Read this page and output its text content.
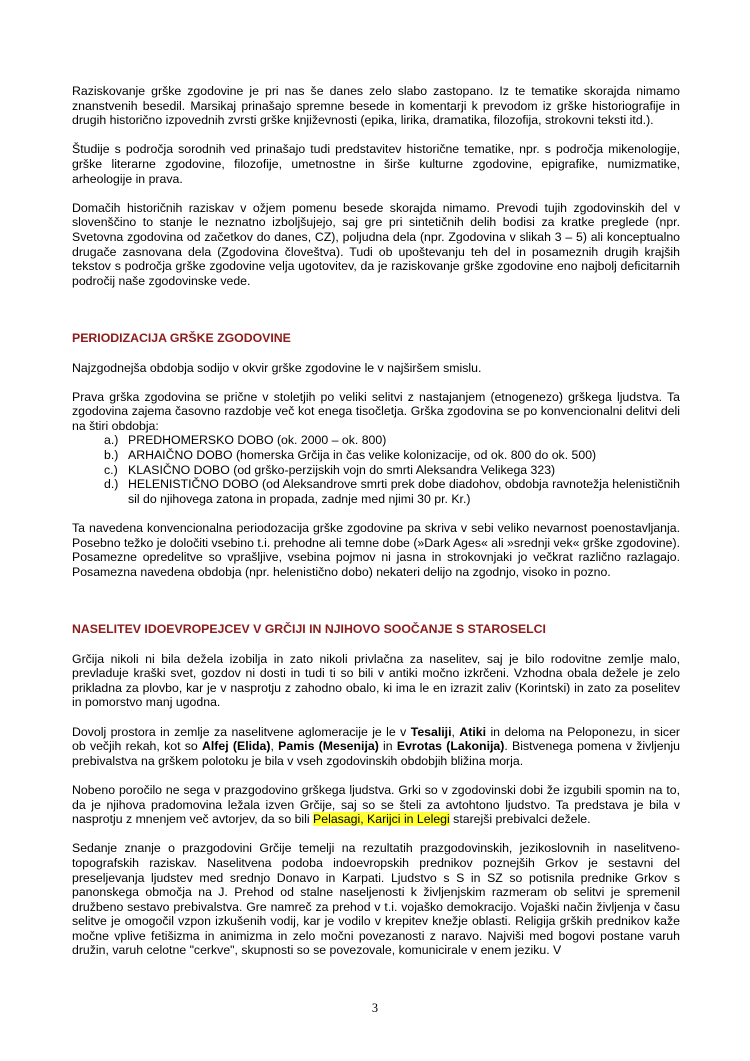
Raziskovanje grške zgodovine je pri nas še danes zelo slabo zastopano. Iz te tematike skorajda nimamo znanstvenih besedil. Marsikaj prinašajo spremne besede in komentarji k prevodom iz grške historiografije in drugih historično izpovednih zvrsti grške književnosti (epika, lirika, dramatika, filozofija, strokovni teksti itd.).

Študije s področja sorodnih ved prinašajo tudi predstavitev historične tematike, npr. s področja mikenologije, grške literarne zgodovine, filozofije, umetnostne in širše kulturne zgodovine, epigrafike, numizmatike, arheologije in prava.

Domačih historičnih raziskav v ožjem pomenu besede skorajda nimamo. Prevodi tujih zgodovinskih del v slovenščino to stanje le neznatno izboljšujejo, saj gre pri sintetičnih delih bodisi za kratke preglede (npr. Svetovna zgodovina od začetkov do danes, CZ), poljudna dela (npr. Zgodovina v slikah 3 – 5) ali konceptualno drugače zasnovana dela (Zgodovina človeštva). Tudi ob upoštevanju teh del in posameznih drugih krajših tekstov s področja grške zgodovine velja ugotovitev, da je raziskovanje grške zgodovine eno najbolj deficitarnih področij naše zgodovinske vede.

PERIODIZACIJA GRŠKE ZGODOVINE

Najzgodnejša obdobja sodijo v okvir grške zgodovine le v najširšem smislu.

Prava grška zgodovina se prične v stoletjih po veliki selitvi z nastajanjem (etnogenezo) grškega ljudstva. Ta zgodovina zajema časovno razdobje več kot enega tisočletja. Grška zgodovina se po konvencionalni delitvi deli na štiri obdobja:

a.) PREDHOMERSKO DOBO (ok. 2000 – ok. 800)
b.) ARHAIČNO DOBO (homerska Grčija in čas velike kolonizacije, od ok. 800 do ok. 500)
c.) KLASIČNO DOBO (od grško-perzijskih vojn do smrti Aleksandra Velikega 323)
d.) HELENISTIČNO DOBO (od Aleksandrove smrti prek dobe diadohov, obdobja ravnotežja helenističnih sil do njihovega zatona in propada, zadnje med njimi 30 pr. Kr.)

Ta navedena konvencionalna periodozacija grške zgodovine pa skriva v sebi veliko nevarnost poenostavljanja. Posebno težko je določiti vsebino t.i. prehodne ali temne dobe (»Dark Ages« ali »srednji vek« grške zgodovine). Posamezne opredelitve so vprašljive, vsebina pojmov ni jasna in strokovnjaki jo večkrat različno razlagajo. Posamezna navedena obdobja (npr. helenistično dobo) nekateri delijo na zgodnjo, visoko in pozno.

NASELITEV IDOEVROPEJCEV V GRČIJI IN NJIHOVO SOOČANJE S STAROSELCI

Grčija nikoli ni bila dežela izobilja in zato nikoli privlačna za naselitev, saj je bilo rodovitne zemlje malo, prevladuje kraški svet, gozdov ni dosti in tudi ti so bili v antiki močno izkrčeni. Vzhodna obala dežele je zelo prikladna za plovbo, kar je v nasprotju z zahodno obalo, ki ima le en izrazit zaliv (Korintski) in zato za poselitev in pomorstvo manj ugodna.

Dovolj prostora in zemlje za naselitvene aglomeracije je le v Tesaliji, Atiki in deloma na Peloponezu, in sicer ob večjih rekah, kot so Alfej (Elida), Pamis (Mesenija) in Evrotas (Lakonija). Bistvenega pomena v življenju prebivalstva na grškem polotoku je bila v vseh zgodovinskih obdobjih bližina morja.

Nobeno poročilo ne sega v prazgodovino grškega ljudstva. Grki so v zgodovinski dobi že izgubili spomin na to, da je njihova pradomovina ležala izven Grčije, saj so se šteli za avtohtono ljudstvo. Ta predstava je bila v nasprotju z mnenjem več avtorjev, da so bili Pelasagi, Karijci in Lelegi starejši prebivalci dežele.

Sedanje znanje o prazgodovini Grčije temelji na rezultatih prazgodovinskih, jezikoslovnih in naselitveno-topografskih raziskav. Naselitvena podoba indoevropskih prednikov poznejših Grkov je sestavni del preseljevanja ljudstev med srednjo Donavo in Karpati. Ljudstvo s S in SZ so potisnila prednike Grkov s panonskega območja na J. Prehod od stalne naseljenosti k življenjskim razmeram ob selitvi je spremenil družbeno sestavo prebivalstva. Gre namreč za prehod v t.i. vojaško demokracijo. Vojaški način življenja v času selitve je omogočil vzpon izkušenih vodij, kar je vodilo v krepitev knežje oblasti. Religija grških prednikov kaže močne vplive fetišizma in animizma in zelo močni povezanosti z naravo. Najviši med bogovi postane varuh družin, varuh celotne "cerkve", skupnosti so se povezovale, komunicirale v enem jeziku. V

3
